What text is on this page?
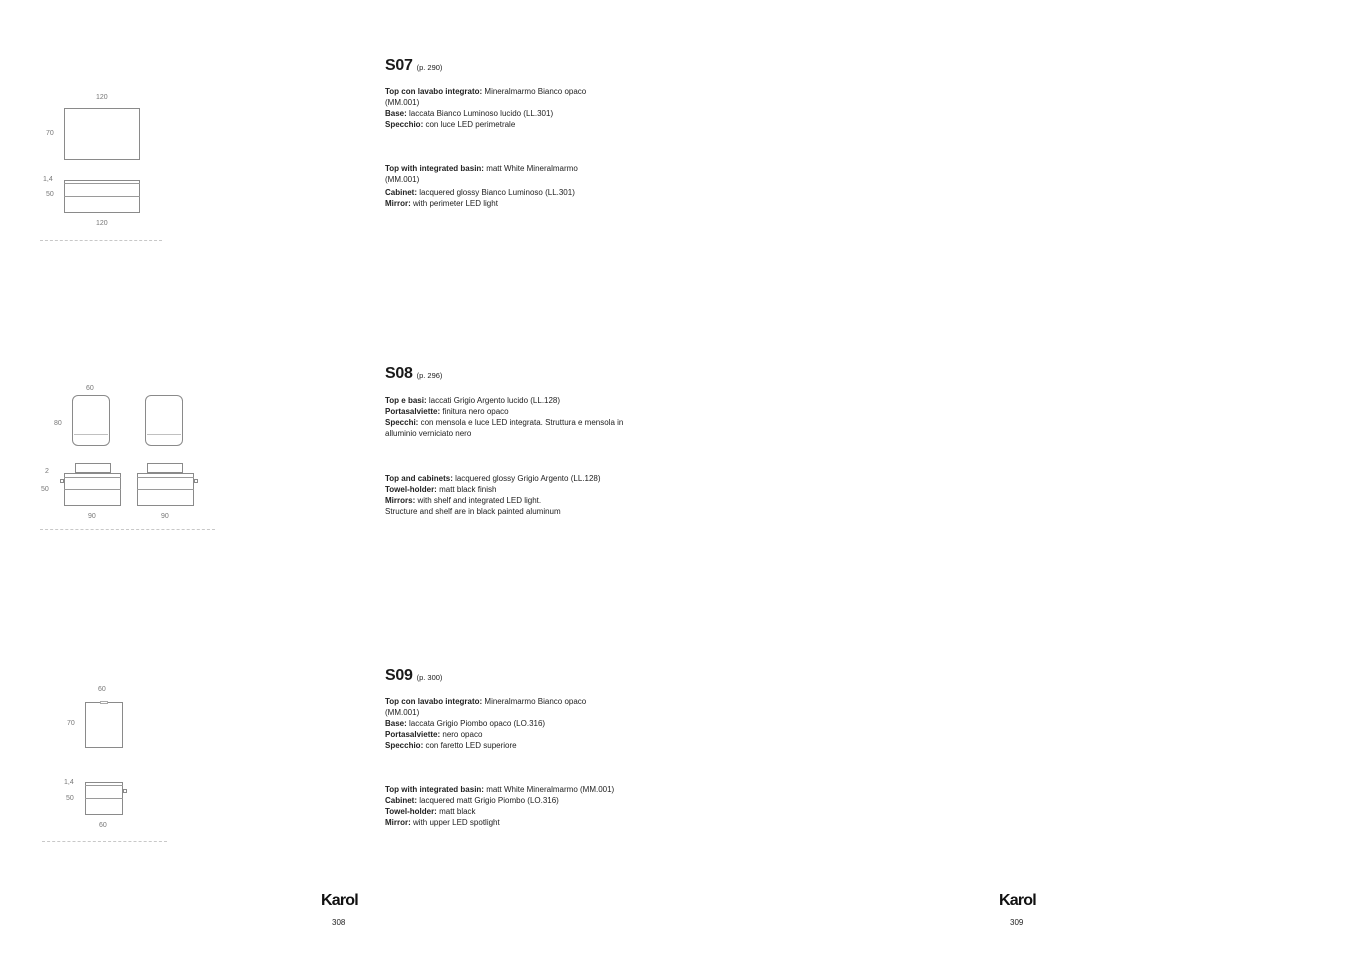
120
70
1,4
50
120
S07 (p. 290)

Top con lavabo integrato: Mineralmarmo Bianco opaco (MM.001)

Base: laccata Bianco Luminoso lucido (LL.301)

Specchio: con luce LED perimetrale

Top with integrated basin: matt White Mineralmarmo (MM.001)

Cabinet: lacquered glossy Bianco Luminoso (LL.301)

Mirror: with perimeter LED light

60
80
2
50
90	90
S08 (p. 296)

Top e basi: laccati Grigio Argento lucido (LL.128)

Portasalviette: finitura nero opaco

Specchi: con mensola e luce LED integrata. Struttura e mensola in alluminio verniciato nero

Top and cabinets: lacquered glossy Grigio Argento (LL.128)

Towel-holder: matt black finish

Mirrors: with shelf and integrated LED light.

Structure and shelf are in black painted aluminum

60
70
1,4
50
60
S09 (p. 300)

Top con lavabo integrato: Mineralmarmo Bianco opaco (MM.001)

Base: laccata Grigio Piombo opaco (LO.316)

Portasalviette: nero opaco

Specchio: con faretto LED superiore

Top with integrated basin: matt White Mineralmarmo (MM.001)

Cabinet: lacquered matt Grigio Piombo (LO.316)

Towel-holder: matt black

Mirror: with upper LED spotlight

Karol
308
Karol
309
